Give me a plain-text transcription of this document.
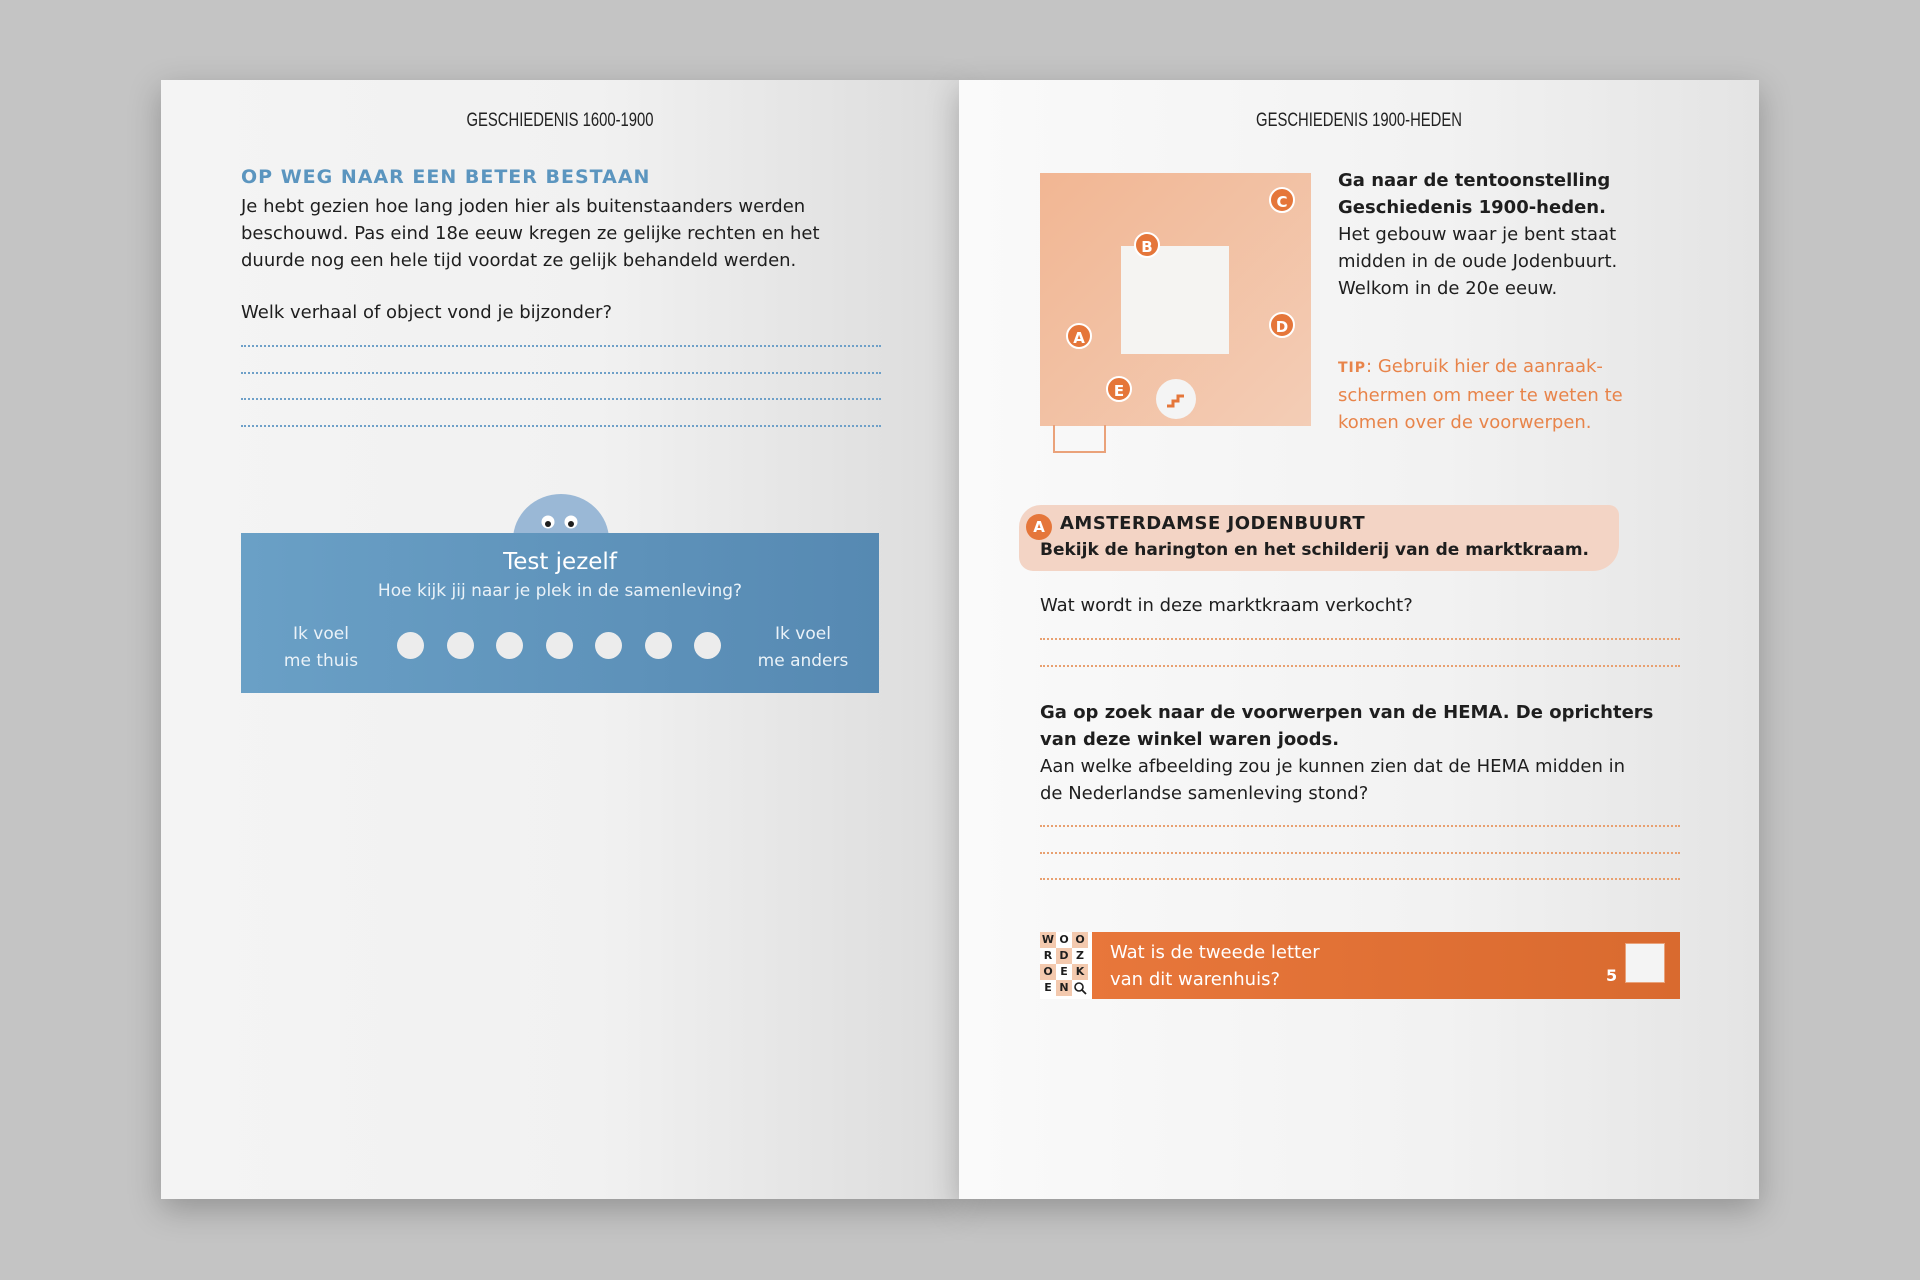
GESCHIEDENIS 1600-1900
OP WEG NAAR EEN BETER BESTAAN
Je hebt gezien hoe lang joden hier als buitenstaanders werden
beschouwd. Pas eind 18e eeuw kregen ze gelijke rechten en het
duurde nog een hele tijd voordat ze gelijk behandeld werden.
Welk verhaal of object vond je bijzonder?
Test jezelf
Hoe kijk jij naar je plek in de samenleving?
Ik voel
me thuis
Ik voel
me anders
GESCHIEDENIS 1900-HEDEN
A
B
C
D
E
Ga naar de tentoonstelling
Geschiedenis 1900-heden.
Het gebouw waar je bent staat
midden in de oude Jodenbuurt.
Welkom in de 20e eeuw.
TIP: Gebruik hier de aanraak-
schermen om meer te weten te
komen over de voorwerpen.
A AMSTERDAMSE JODENBUURT
Bekijk de harington en het schilderij van de marktkraam.
Wat wordt in deze marktkraam verkocht?
Ga op zoek naar de voorwerpen van de HEMA. De oprichters
van deze winkel waren joods.
Aan welke afbeelding zou je kunnen zien dat de HEMA midden in
de Nederlandse samenleving stond?
W O O
R D Z
O E K
E N
Wat is de tweede letter
van dit warenhuis?	5
